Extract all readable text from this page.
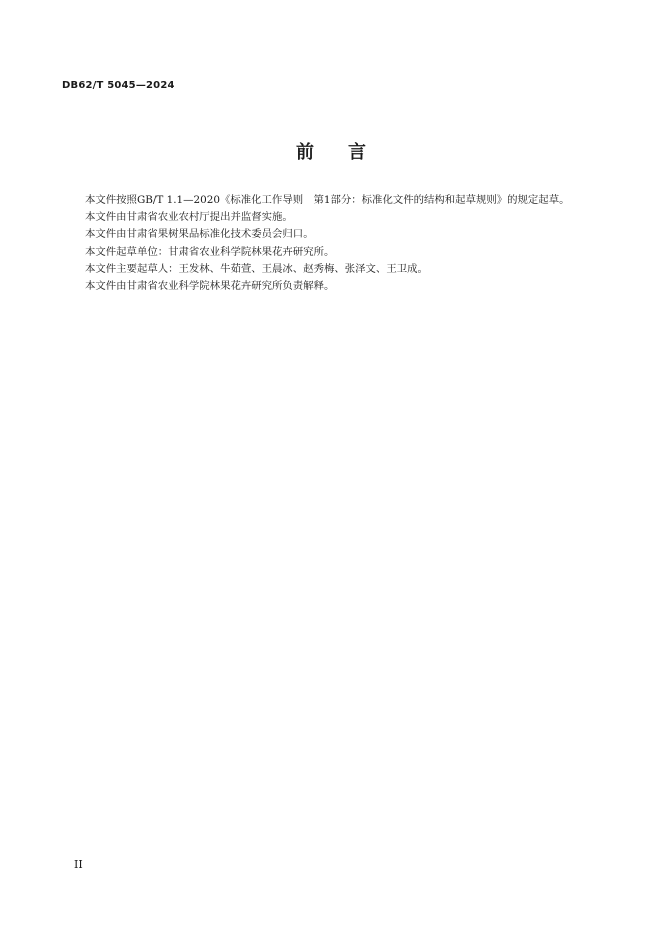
DB62/T 5045—2024
前言

本文件按照GB/T 1.1—2020《标准化工作导则　第1部分：标准化文件的结构和起草规则》的规定起草。

本文件由甘肃省农业农村厅提出并监督实施。

本文件由甘肃省果树果品标准化技术委员会归口。

本文件起草单位：甘肃省农业科学院林果花卉研究所。

本文件主要起草人：王发林、牛茹萱、王晨冰、赵秀梅、张泽文、王卫成。

本文件由甘肃省农业科学院林果花卉研究所负责解释。

II
